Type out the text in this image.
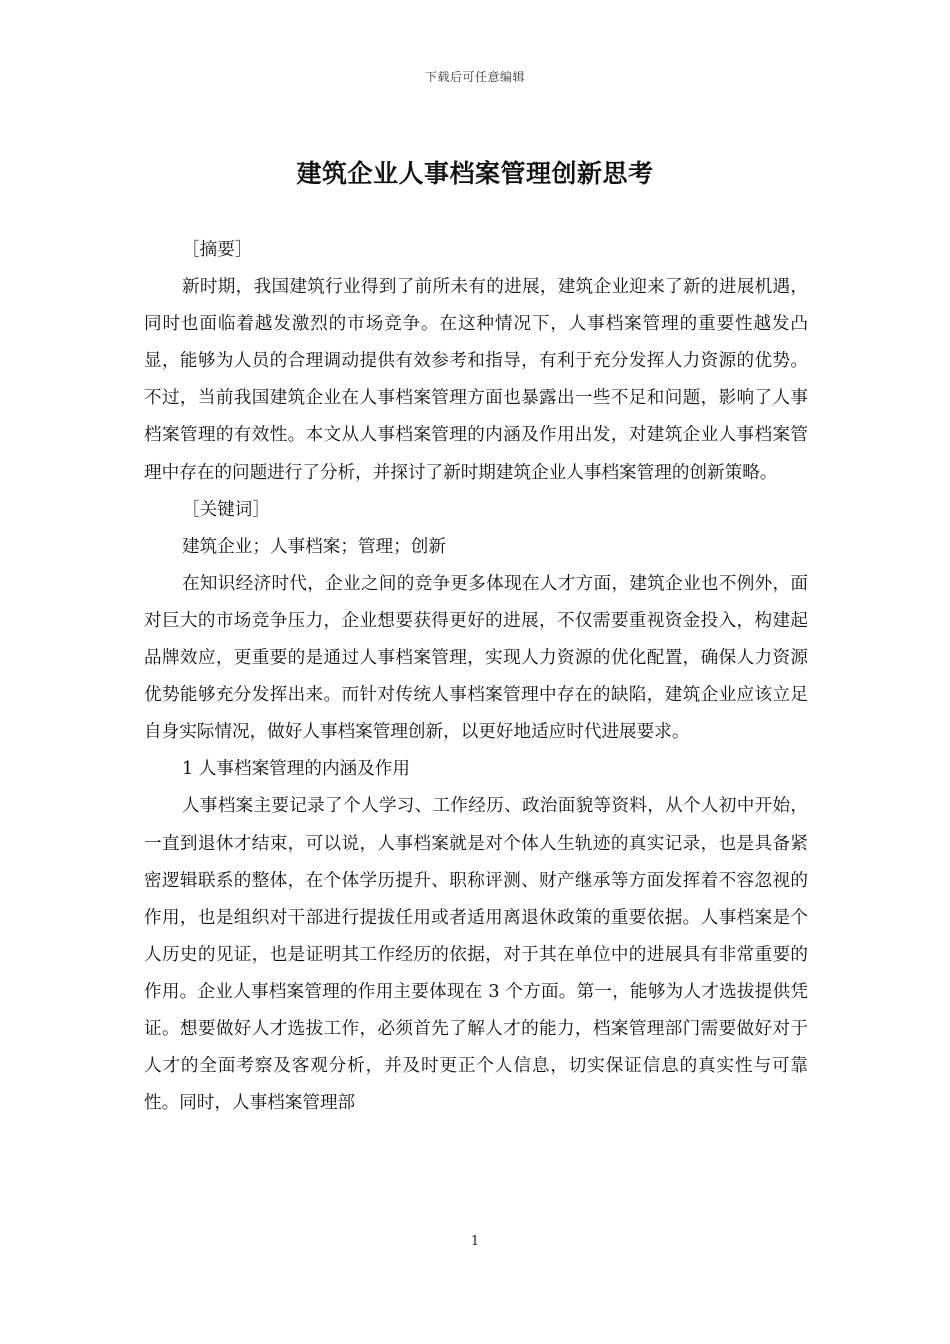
下载后可任意编辑
建筑企业人事档案管理创新思考

［摘要］

新时期，我国建筑行业得到了前所未有的进展，建筑企业迎来了新的进展机遇，同时也面临着越发激烈的市场竞争。在这种情况下，人事档案管理的重要性越发凸显，能够为人员的合理调动提供有效参考和指导，有利于充分发挥人力资源的优势。不过，当前我国建筑企业在人事档案管理方面也暴露出一些不足和问题，影响了人事档案管理的有效性。本文从人事档案管理的内涵及作用出发，对建筑企业人事档案管理中存在的问题进行了分析，并探讨了新时期建筑企业人事档案管理的创新策略。

［关键词］

建筑企业；人事档案；管理；创新

在知识经济时代，企业之间的竞争更多体现在人才方面，建筑企业也不例外，面对巨大的市场竞争压力，企业想要获得更好的进展，不仅需要重视资金投入，构建起品牌效应，更重要的是通过人事档案管理，实现人力资源的优化配置，确保人力资源优势能够充分发挥出来。而针对传统人事档案管理中存在的缺陷，建筑企业应该立足自身实际情况，做好人事档案管理创新，以更好地适应时代进展要求。

1 人事档案管理的内涵及作用

人事档案主要记录了个人学习、工作经历、政治面貌等资料，从个人初中开始，一直到退休才结束，可以说，人事档案就是对个体人生轨迹的真实记录，也是具备紧密逻辑联系的整体，在个体学历提升、职称评测、财产继承等方面发挥着不容忽视的作用，也是组织对干部进行提拔任用或者适用离退休政策的重要依据。人事档案是个人历史的见证，也是证明其工作经历的依据，对于其在单位中的进展具有非常重要的作用。企业人事档案管理的作用主要体现在 3 个方面。第一，能够为人才选拔提供凭证。想要做好人才选拔工作，必须首先了解人才的能力，档案管理部门需要做好对于人才的全面考察及客观分析，并及时更正个人信息，切实保证信息的真实性与可靠性。同时，人事档案管理部

1
